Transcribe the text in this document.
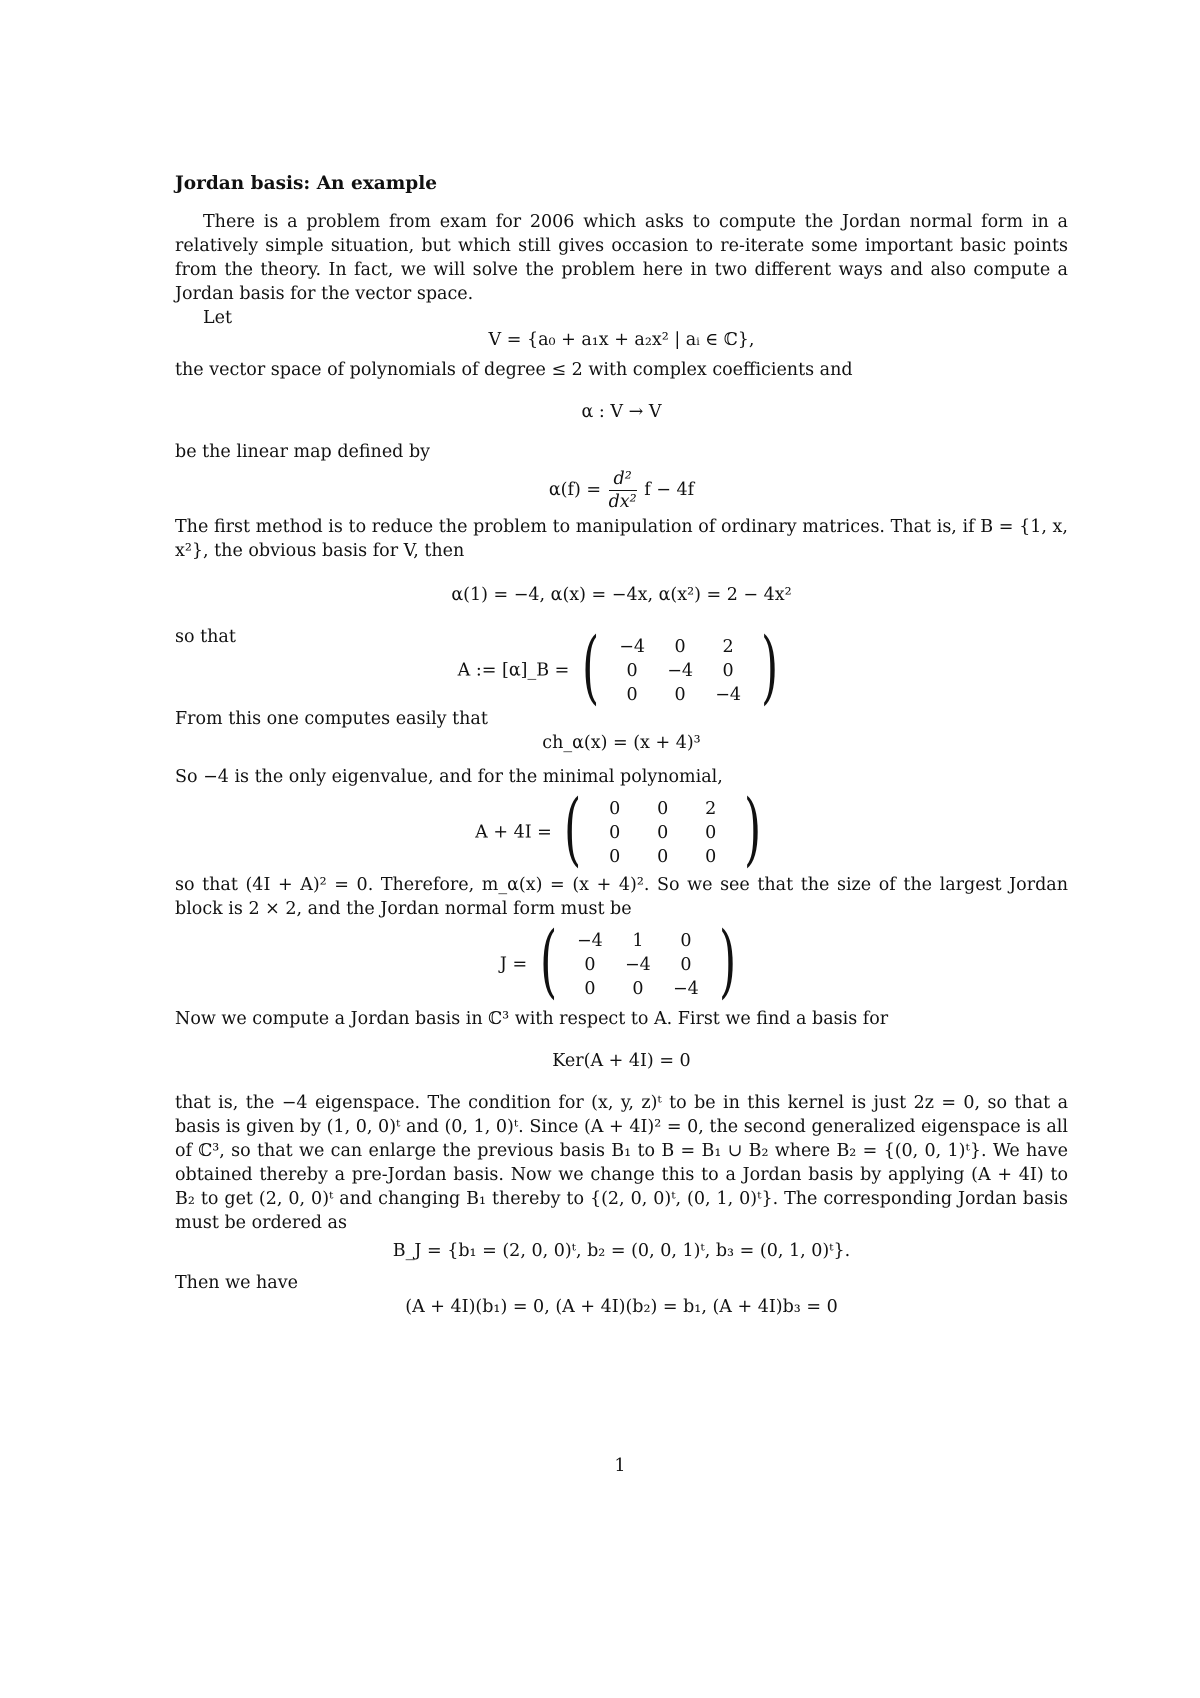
Jordan basis: An example

There is a problem from exam for 2006 which asks to compute the Jordan normal form in a relatively simple situation, but which still gives occasion to re-iterate some important basic points from the theory. In fact, we will solve the problem here in two different ways and also compute a Jordan basis for the vector space.

Let

V = {a₀ + a₁x + a₂x² | aᵢ ∈ ℂ},

the vector space of polynomials of degree ≤ 2 with complex coefficients and

α : V → V

be the linear map defined by

$\alpha(f) = \frac{\text{d²}}{\text{dx²}}$ f − 4f

The first method is to reduce the problem to manipulation of ordinary matrices. That is, if B = {1, x, x²}, the obvious basis for V, then

α(1) = −4, α(x) = −4x, α(x²) = 2 − 4x²

so that

A := [α]_B = ( −4	0	2
0	−4	0
0	0	−4 )

From this one computes easily that

ch_α(x) = (x + 4)³

So −4 is the only eigenvalue, and for the minimal polynomial,

A + 4I = ( 0	0	2
0	0	0
0	0	0 )

so that (4I + A)² = 0. Therefore, m_α(x) = (x + 4)². So we see that the size of the largest Jordan block is 2 × 2, and the Jordan normal form must be

J = ( −4	1	0
0	−4	0
0	0	−4 )

Now we compute a Jordan basis in ℂ³ with respect to A. First we find a basis for

Ker(A + 4I) = 0

that is, the −4 eigenspace. The condition for (x, y, z)ᵗ to be in this kernel is just 2z = 0, so that a basis is given by (1, 0, 0)ᵗ and (0, 1, 0)ᵗ. Since (A + 4I)² = 0, the second generalized eigenspace is all of ℂ³, so that we can enlarge the previous basis B₁ to B = B₁ ∪ B₂ where B₂ = {(0, 0, 1)ᵗ}. We have obtained thereby a pre-Jordan basis. Now we change this to a Jordan basis by applying (A + 4I) to B₂ to get (2, 0, 0)ᵗ and changing B₁ thereby to {(2, 0, 0)ᵗ, (0, 1, 0)ᵗ}. The corresponding Jordan basis must be ordered as

B_J = {b₁ = (2, 0, 0)ᵗ, b₂ = (0, 0, 1)ᵗ, b₃ = (0, 1, 0)ᵗ}.

Then we have

(A + 4I)(b₁) = 0, (A + 4I)(b₂) = b₁, (A + 4I)b₃ = 0
1
